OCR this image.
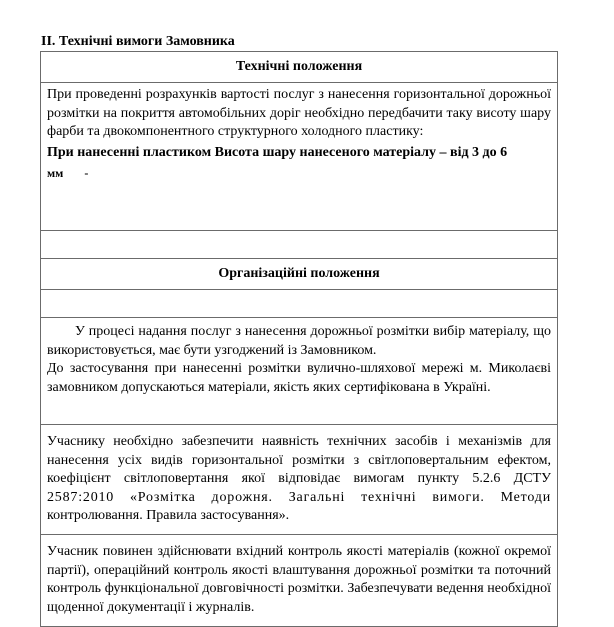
II. Технічні вимоги Замовника
Технічні положення

При проведенні розрахунків вартості послуг з нанесення горизонтальної дорожньої розмітки на покриття автомобільних доріг необхідно передбачити таку висоту шару фарби та двокомпонентного структурного холодного пластику:

При нанесенні пластиком Висота шару нанесеного матеріалу – від 3 до 6

мм       -

Організаційні положення

У процесі надання послуг з нанесення дорожньої розмітки вибір матеріалу, що використовується, має бути узгоджений із Замовником.

До застосування при нанесенні розмітки вулично-шляхової мережі м. Миколаєві замовником допускаються матеріали, якість яких сертифікована в Україні.

Учаснику необхідно забезпечити наявність технічних засобів і механізмів для нанесення усіх видів горизонтальної розмітки з світлоповертальним ефектом, коефіцієнт світлоповертання якої відповідає вимогам пункту 5.2.6 ДСТУ 2587:2010 «Розмітка дорожня. Загальні технічні вимоги. Методи

контролювання. Правила застосування».

Учасник повинен здійснювати вхідний контроль якості матеріалів (кожної окремої партії), операційний контроль якості влаштування дорожньої розмітки та поточний контроль функціональної довговічності розмітки. Забезпечувати ведення необхідної щоденної документації і журналів.
